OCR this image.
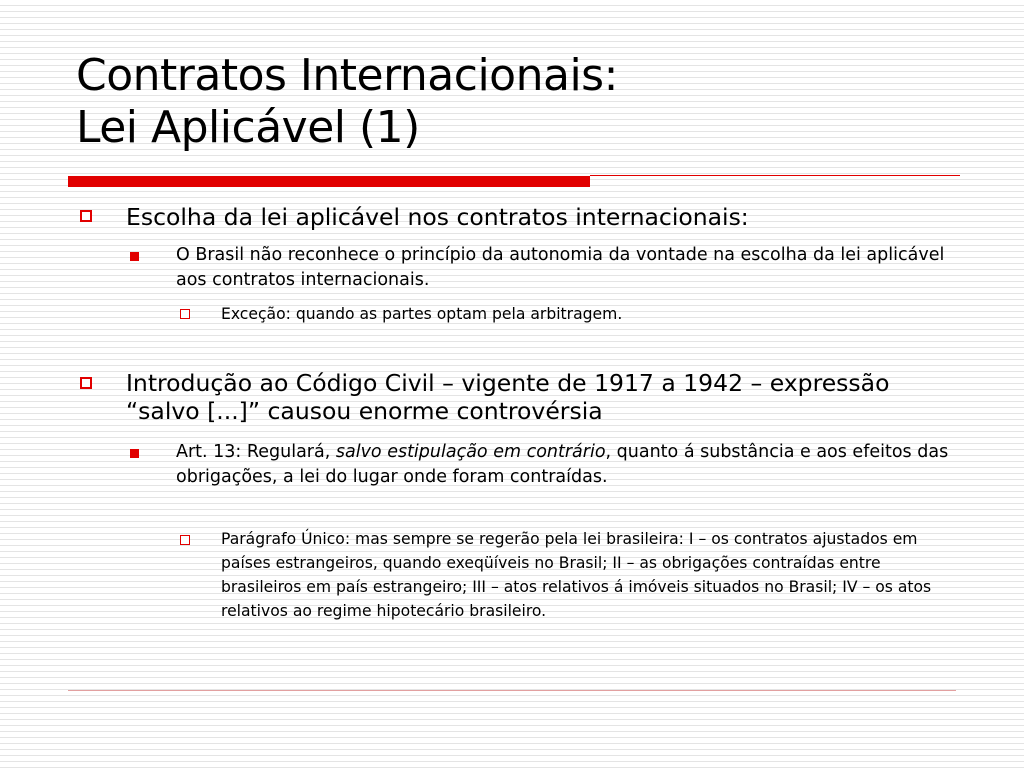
Contratos Internacionais:
Lei Aplicável (1)
Escolha da lei aplicável nos contratos internacionais:
O Brasil não reconhece o princípio da autonomia da vontade na escolha da lei aplicável aos contratos internacionais.
Exceção: quando as partes optam pela arbitragem.
Introdução ao Código Civil – vigente de 1917 a 1942 – expressão “salvo [...]” causou enorme controvérsia
Art. 13: Regulará, salvo estipulação em contrário, quanto á substância e aos efeitos das obrigações, a lei do lugar onde foram contraídas.
Parágrafo Único: mas sempre se regerão pela lei brasileira: I – os contratos ajustados em países estrangeiros, quando exeqüíveis no Brasil; II – as obrigações contraídas entre brasileiros em país estrangeiro; III – atos relativos á imóveis situados no Brasil; IV – os atos relativos ao regime hipotecário brasileiro.
